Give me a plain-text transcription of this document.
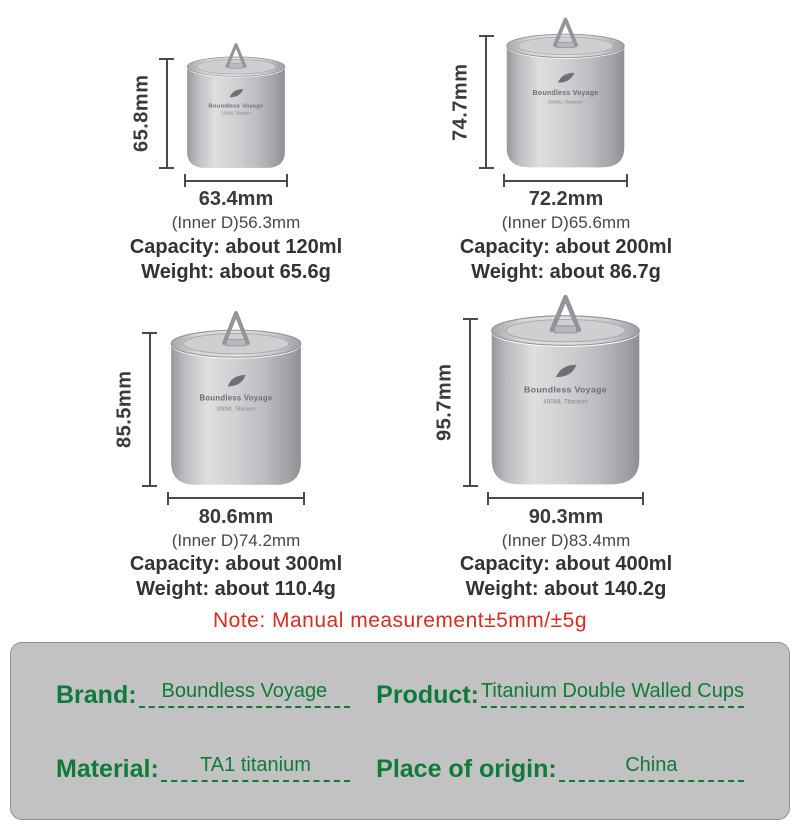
65.8mm	Boundless Voyage
120ML Titanium
63.4mm
(Inner D)56.3mm
Capacity: about 120ml
Weight: about 65.6g
74.7mm	Boundless Voyage
200ML Titanium
72.2mm
(Inner D)65.6mm
Capacity: about 200ml
Weight: about 86.7g
85.5mm	Boundless Voyage
300ML Titanium
80.6mm
(Inner D)74.2mm
Capacity: about 300ml
Weight: about 110.4g
95.7mm	Boundless Voyage
400ML Titanium
90.3mm
(Inner D)83.4mm
Capacity: about 400ml
Weight: about 140.2g
Note: Manual measurement±5mm/±5g
Brand:	Boundless Voyage	Product: Titanium Double Walled Cups
Material:	TA1 titanium	Place of origin:	China
